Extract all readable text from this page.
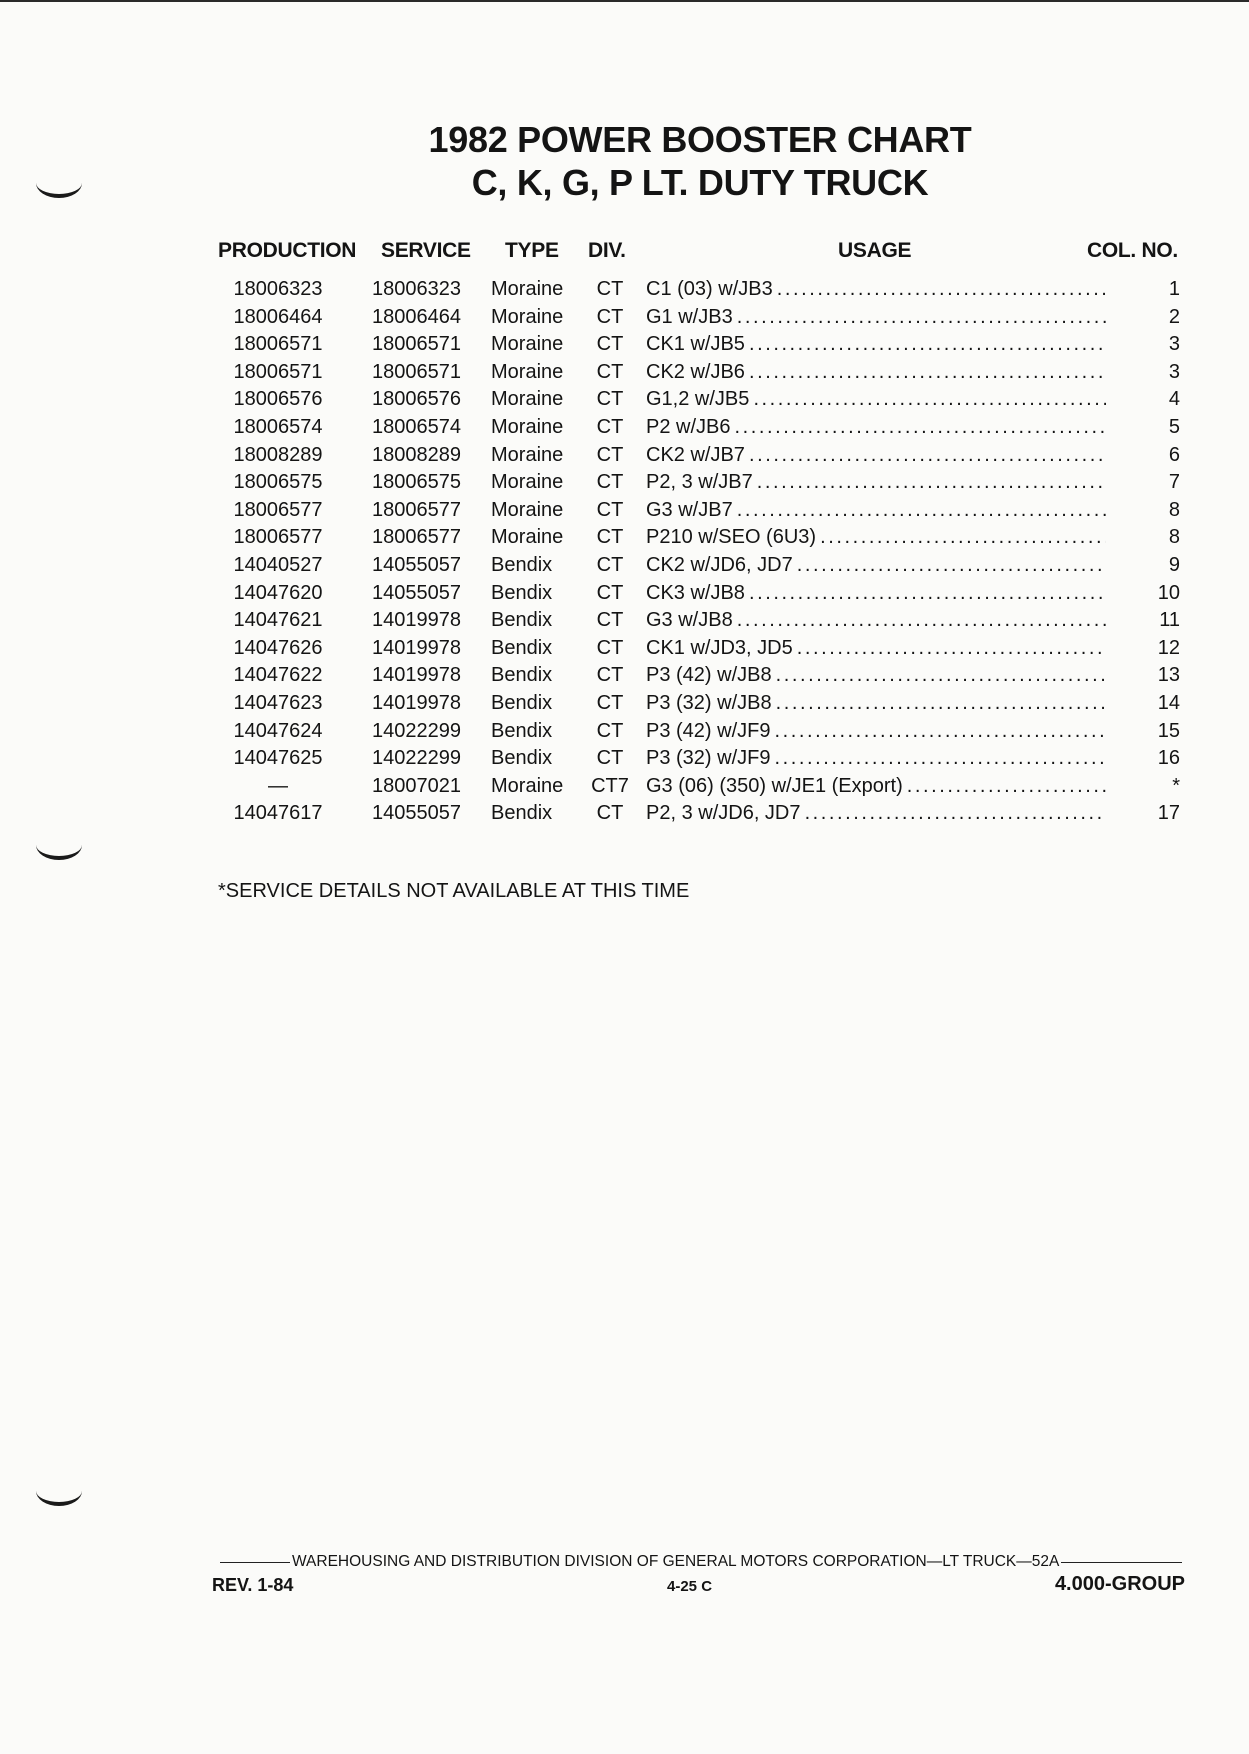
1982 POWER BOOSTER CHART
C, K, G, P LT. DUTY TRUCK
PRODUCTION SERVICE TYPE DIV.	USAGE	COL. NO.
18006323	18006323 Moraine	CT	C1 (03) w/JB3 . . .	1
18006464	18006464 Moraine	CT	G1 w/JB3 . . .	2
18006571	18006571 Moraine	CT	CK1 w/JB5 . . .	3
18006571	18006571 Moraine	CT	CK2 w/JB6 . . .	3
18006576	18006576 Moraine	CT	G1,2 w/JB5 . . .	4
18006574	18006574 Moraine	CT	P2 w/JB6 . . .	5
18008289	18008289 Moraine	CT	CK2 w/JB7 . . .	6
18006575	18006575 Moraine	CT	P2, 3 w/JB7 . . .	7
18006577	18006577 Moraine	CT	G3 w/JB7 . . .	8
18006577	18006577 Moraine	CT	P210 w/SEO (6U3) . . .	8
14040527	14055057 Bendix	CT	CK2 w/JD6, JD7 . . .	9
14047620	14055057 Bendix	CT	CK3 w/JB8 . . .	10
14047621	14019978 Bendix	CT	G3 w/JB8 . . .	11
14047626	14019978 Bendix	CT	CK1 w/JD3, JD5 . . .	12
14047622	14019978 Bendix	CT	P3 (42) w/JB8 . . .	13
14047623	14019978 Bendix	CT	P3 (32) w/JB8 . . .	14
14047624	14022299 Bendix	CT	P3 (42) w/JF9 . . .	15
14047625	14022299 Bendix	CT	P3 (32) w/JF9 . . .	16
—	18007021 Moraine	CT7 G3 (06) (350) w/JE1 (Export) . . .	*
14047617	14055057 Bendix	CT	P2, 3 w/JD6, JD7 . . .	17
*SERVICE DETAILS NOT AVAILABLE AT THIS TIME
WAREHOUSING AND DISTRIBUTION DIVISION OF GENERAL MOTORS CORPORATION—LT TRUCK—52A
REV. 1-84	4-25 C	4.000-GROUP
